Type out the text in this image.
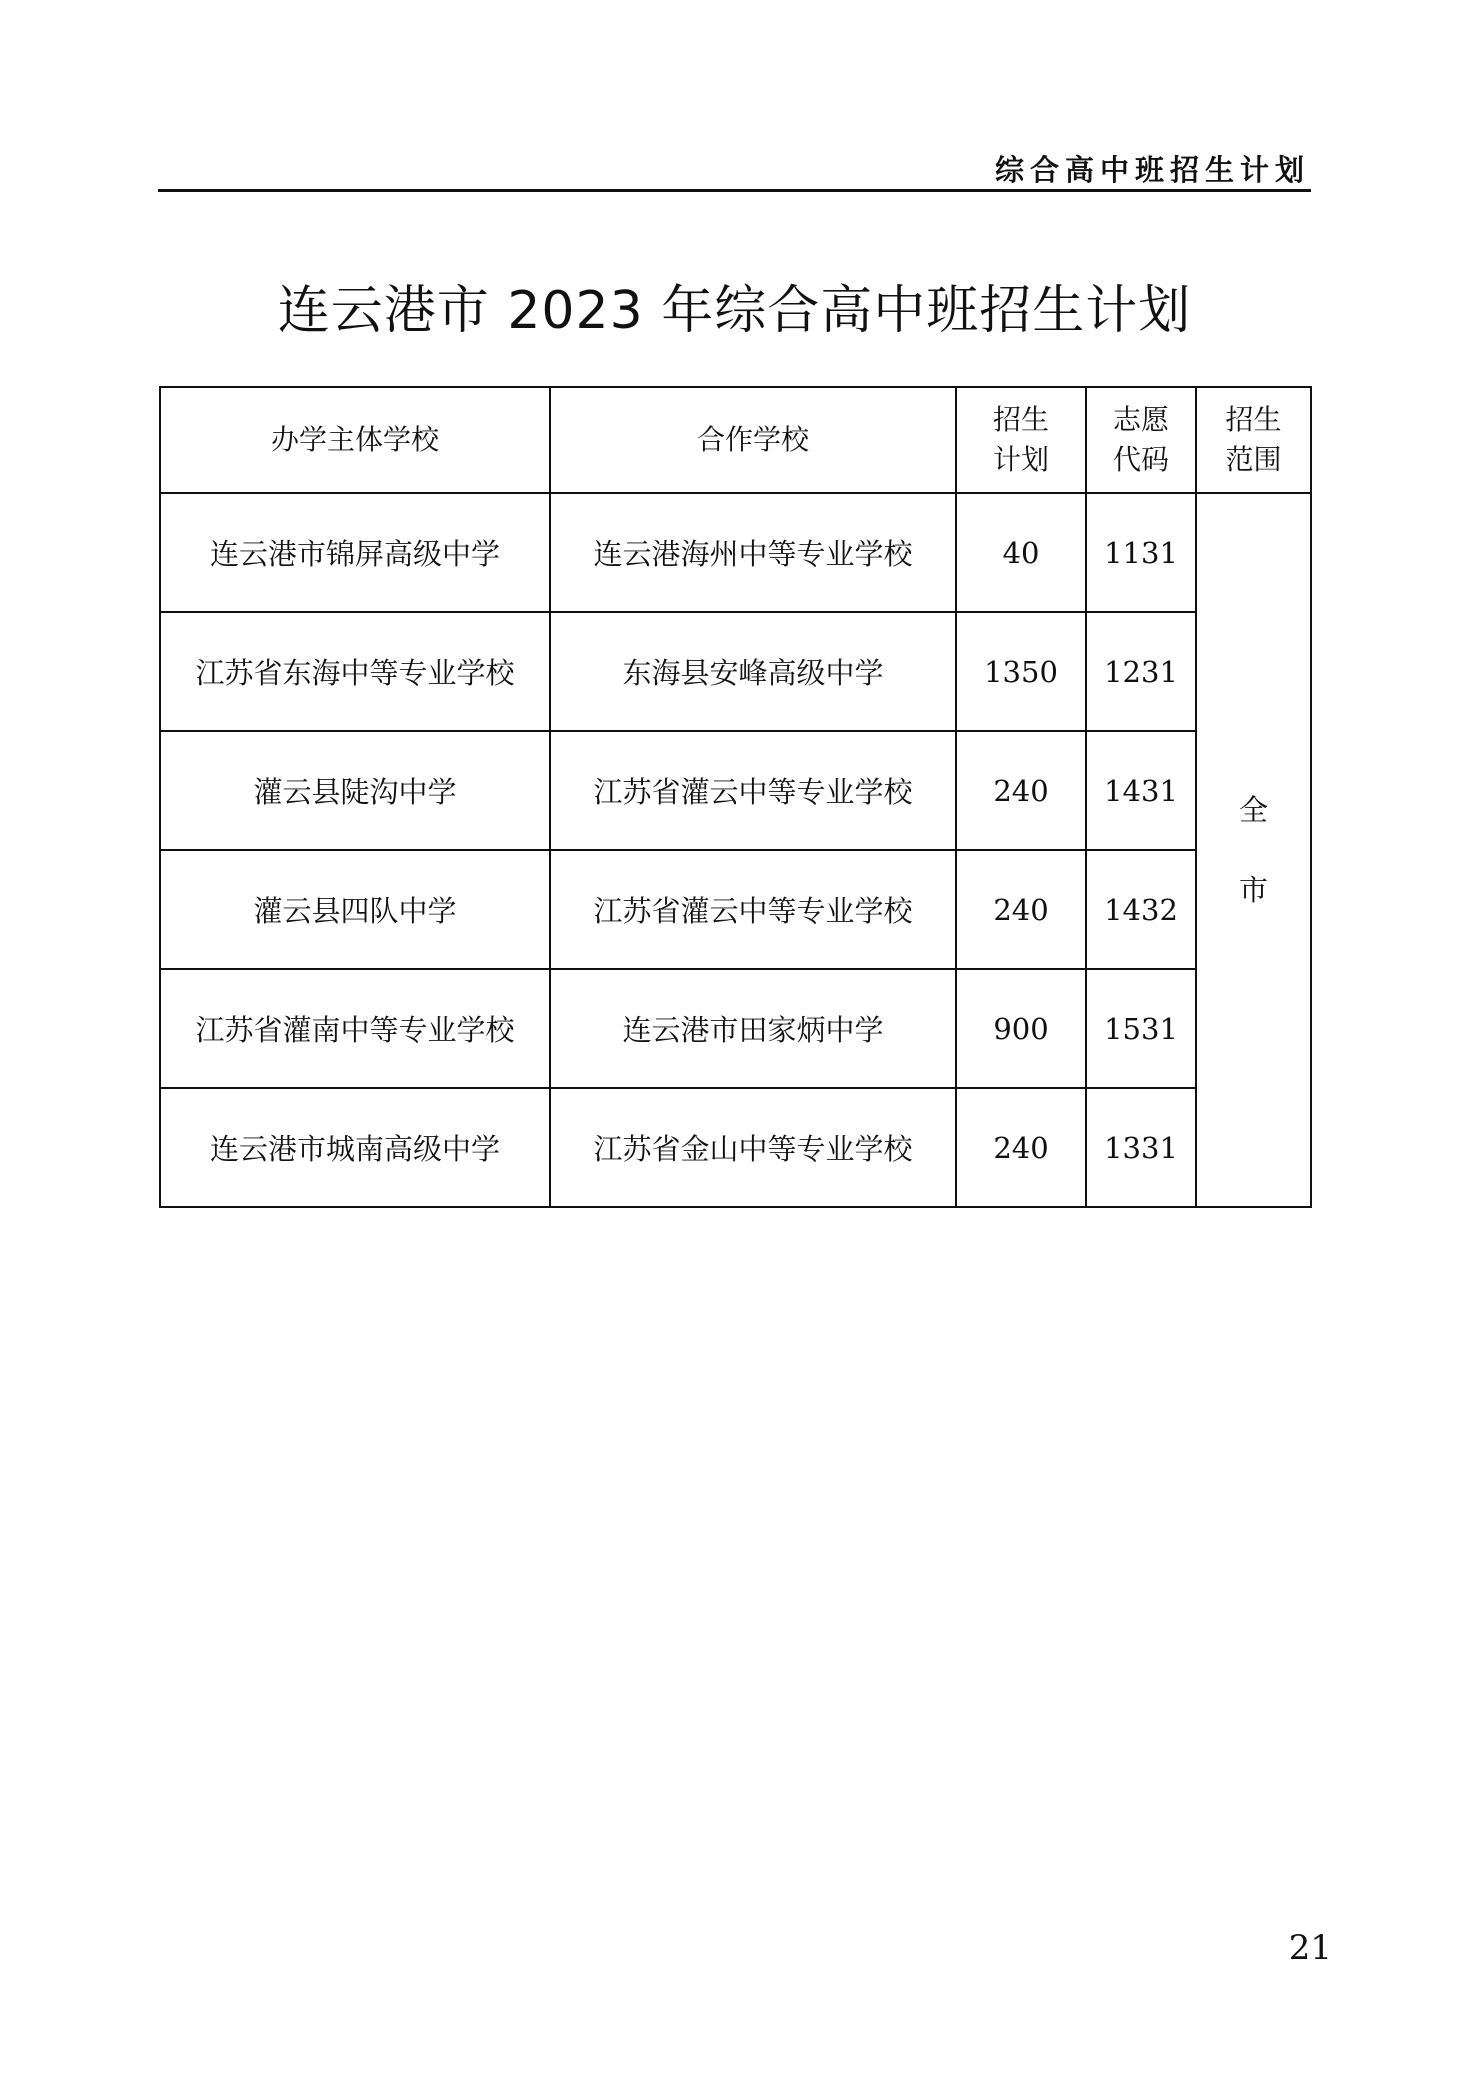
综合高中班招生计划
连云港市 2023 年综合高中班招生计划
办学主体学校	合作学校	招生计划	志愿代码	招生范围
连云港市锦屏高级中学	连云港海州中等专业学校	40	1131	全市
江苏省东海中等专业学校	东海县安峰高级中学	1350	1231	
灌云县陡沟中学	江苏省灌云中等专业学校	240	1431	
灌云县四队中学	江苏省灌云中等专业学校	240	1432	
江苏省灌南中等专业学校	连云港市田家炳中学	900	1531	
连云港市城南高级中学	江苏省金山中等专业学校	240	1331	
21
